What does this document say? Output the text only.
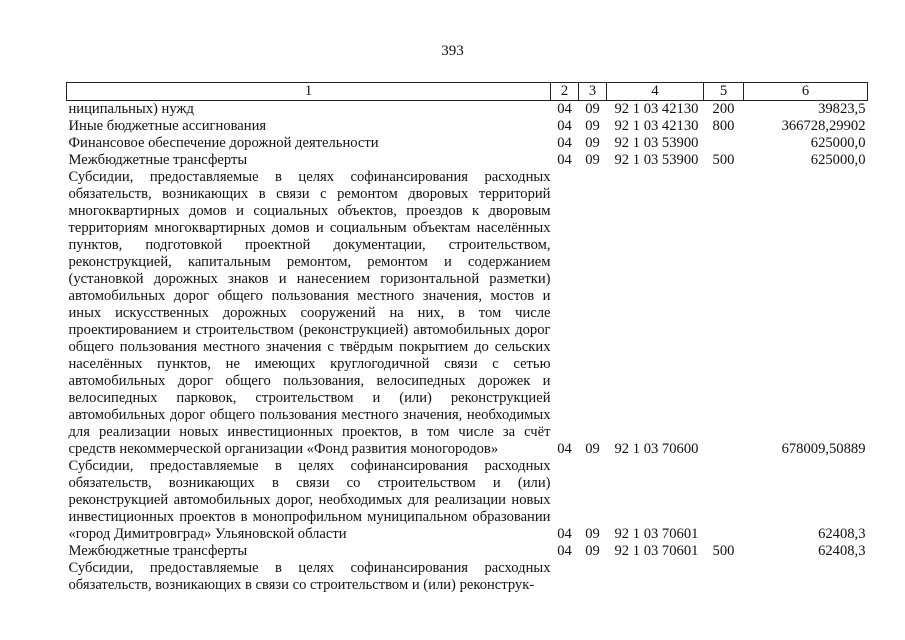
393
1	2	3	4	5	6
ниципальных) нужд	04	09	92 1 03 42130	200	39823,5
Иные бюджетные ассигнования	04	09	92 1 03 42130	800	366728,29902
Финансовое обеспечение дорожной деятельности	04	09	92 1 03 53900		625000,0
Межбюджетные трансферты	04	09	92 1 03 53900	500	625000,0
Субсидии, предоставляемые в целях софинансирования расходных обязательств, возникающих в связи с ремонтом дворовых территорий многоквартирных домов и социальных объектов, проездов к дворовым территориям многоквартирных домов и социальным объектам населённых пунктов, подготовкой проектной документации, строительством, реконструкцией, капитальным ремонтом, ремонтом и содержанием (установкой дорожных знаков и нанесением горизонтальной разметки) автомобильных дорог общего пользования местного значения, мостов и иных искусственных дорожных сооружений на них, в том числе проектированием и строительством (реконструкцией) автомобильных дорог общего пользования местного значения с твёрдым покрытием до сельских населённых пунктов, не имеющих круглогодичной связи с сетью автомобильных дорог общего пользования, велосипедных дорожек и велосипедных парковок, строительством и (или) реконструкцией автомобильных дорог общего пользования местного значения, необходимых для реализации новых инвестиционных проектов, в том числе за счёт средств некоммерческой организации «Фонд развития моногородов»	04	09	92 1 03 70600		678009,50889
Субсидии, предоставляемые в целях софинансирования расходных обязательств, возникающих в связи со строительством и (или) реконструкцией автомобильных дорог, необходимых для реализации новых инвестиционных проектов в монопрофильном муниципальном образовании «город Димитровград» Ульяновской области	04	09	92 1 03 70601		62408,3
Межбюджетные трансферты	04	09	92 1 03 70601	500	62408,3
Субсидии, предоставляемые в целях софинансирования расходных обязательств, возникающих в связи со строительством и (или) реконструк-					
